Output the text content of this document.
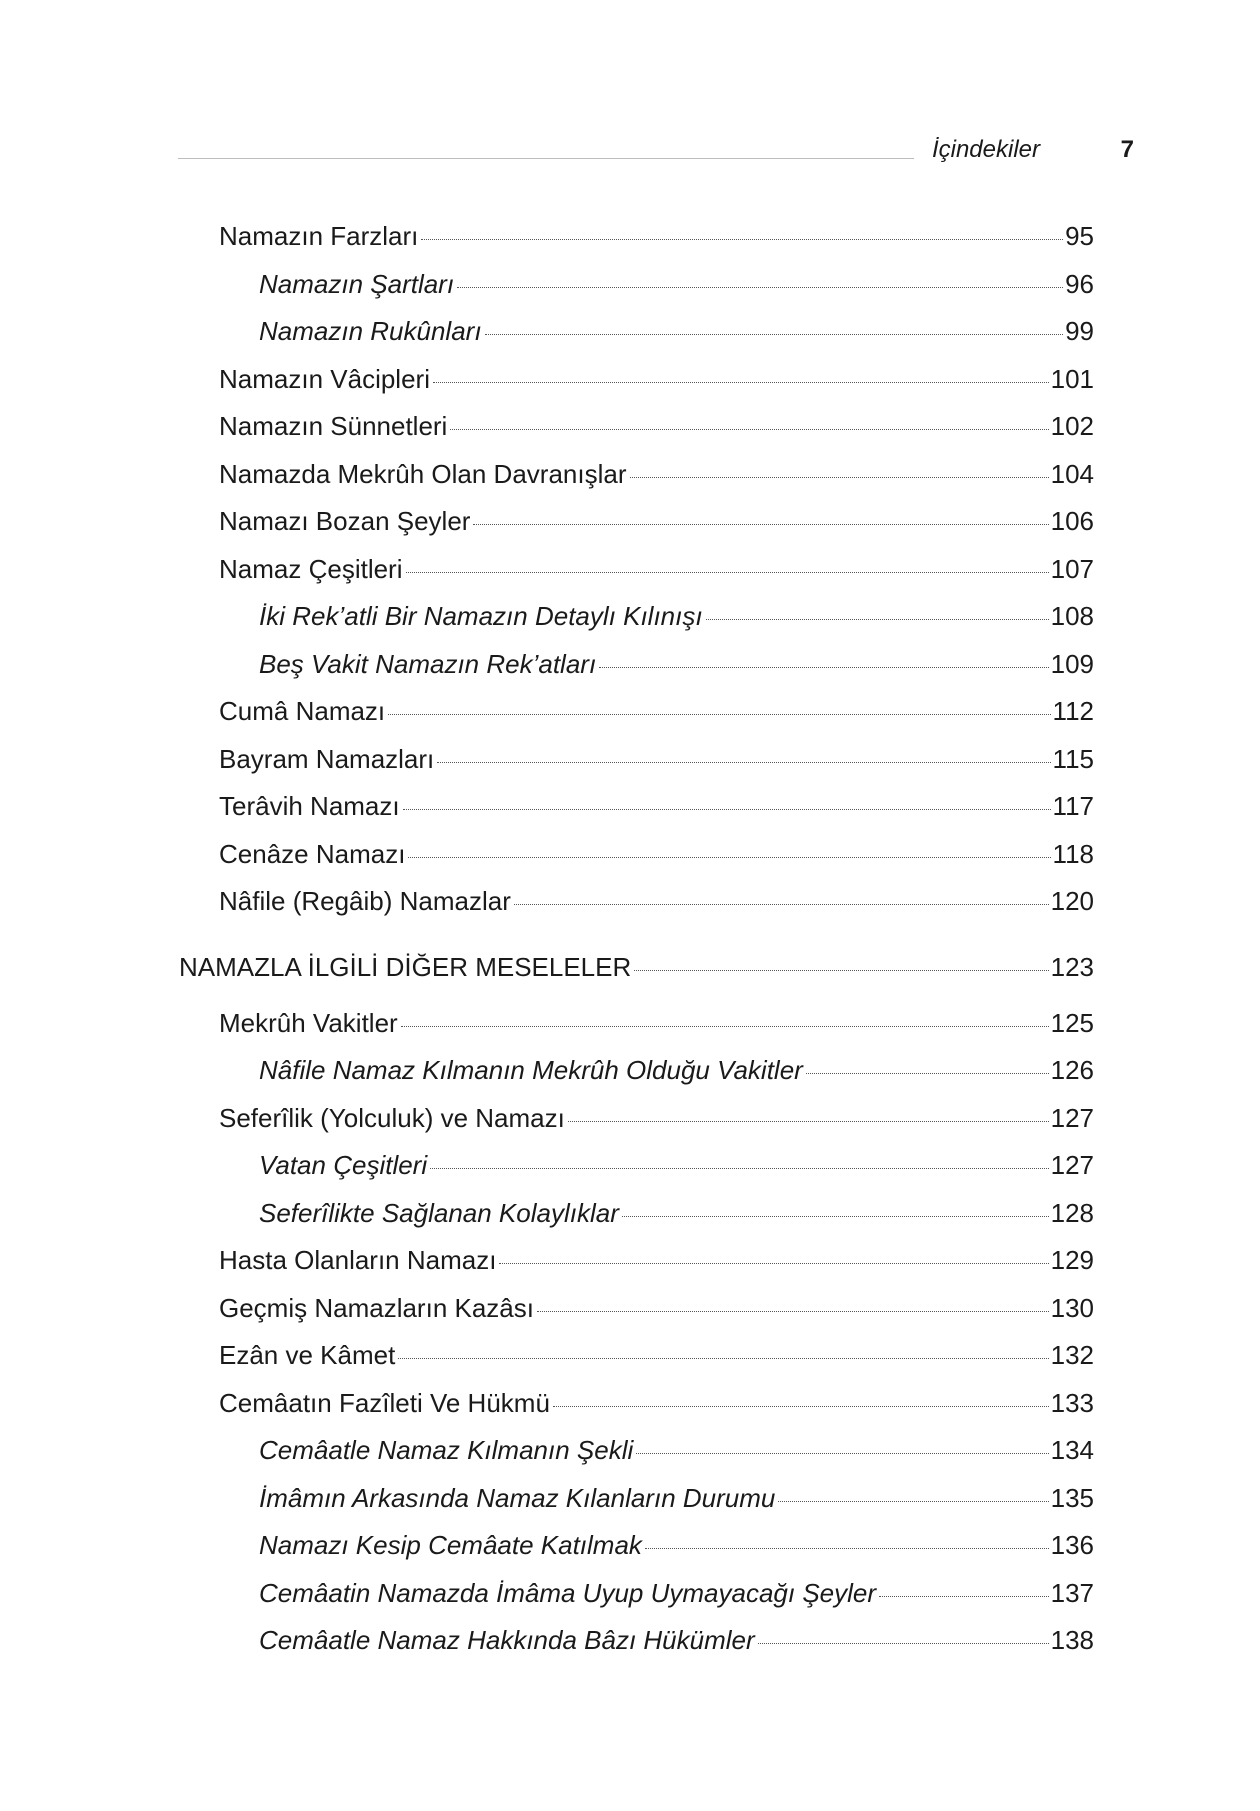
İçindekiler	7
Namazın Farzları	95
Namazın Şartları	96
Namazın Rukûnları	99
Namazın Vâcipleri	101
Namazın Sünnetleri	102
Namazda Mekrûh Olan Davranışlar	104
Namazı Bozan Şeyler	106
Namaz Çeşitleri	107
İki Rek’atli Bir Namazın Detaylı Kılınışı	108
Beş Vakit Namazın Rek’atları	109
Cumâ Namazı	112
Bayram Namazları	115
Terâvih Namazı	117
Cenâze Namazı	118
Nâfile (Regâib) Namazlar	120
NAMAZLA İLGİLİ DİĞER MESELELER	123
Mekrûh Vakitler	125
Nâfile Namaz Kılmanın Mekrûh Olduğu Vakitler	126
Seferîlik (Yolculuk) ve Namazı	127
Vatan Çeşitleri	127
Seferîlikte Sağlanan Kolaylıklar	128
Hasta Olanların Namazı	129
Geçmiş Namazların Kazâsı	130
Ezân ve Kâmet	132
Cemâatın Fazîleti Ve Hükmü	133
Cemâatle Namaz Kılmanın Şekli	134
İmâmın Arkasında Namaz Kılanların Durumu	135
Namazı Kesip Cemâate Katılmak	136
Cemâatin Namazda İmâma Uyup Uymayacağı Şeyler	137
Cemâatle Namaz Hakkında Bâzı Hükümler	138
